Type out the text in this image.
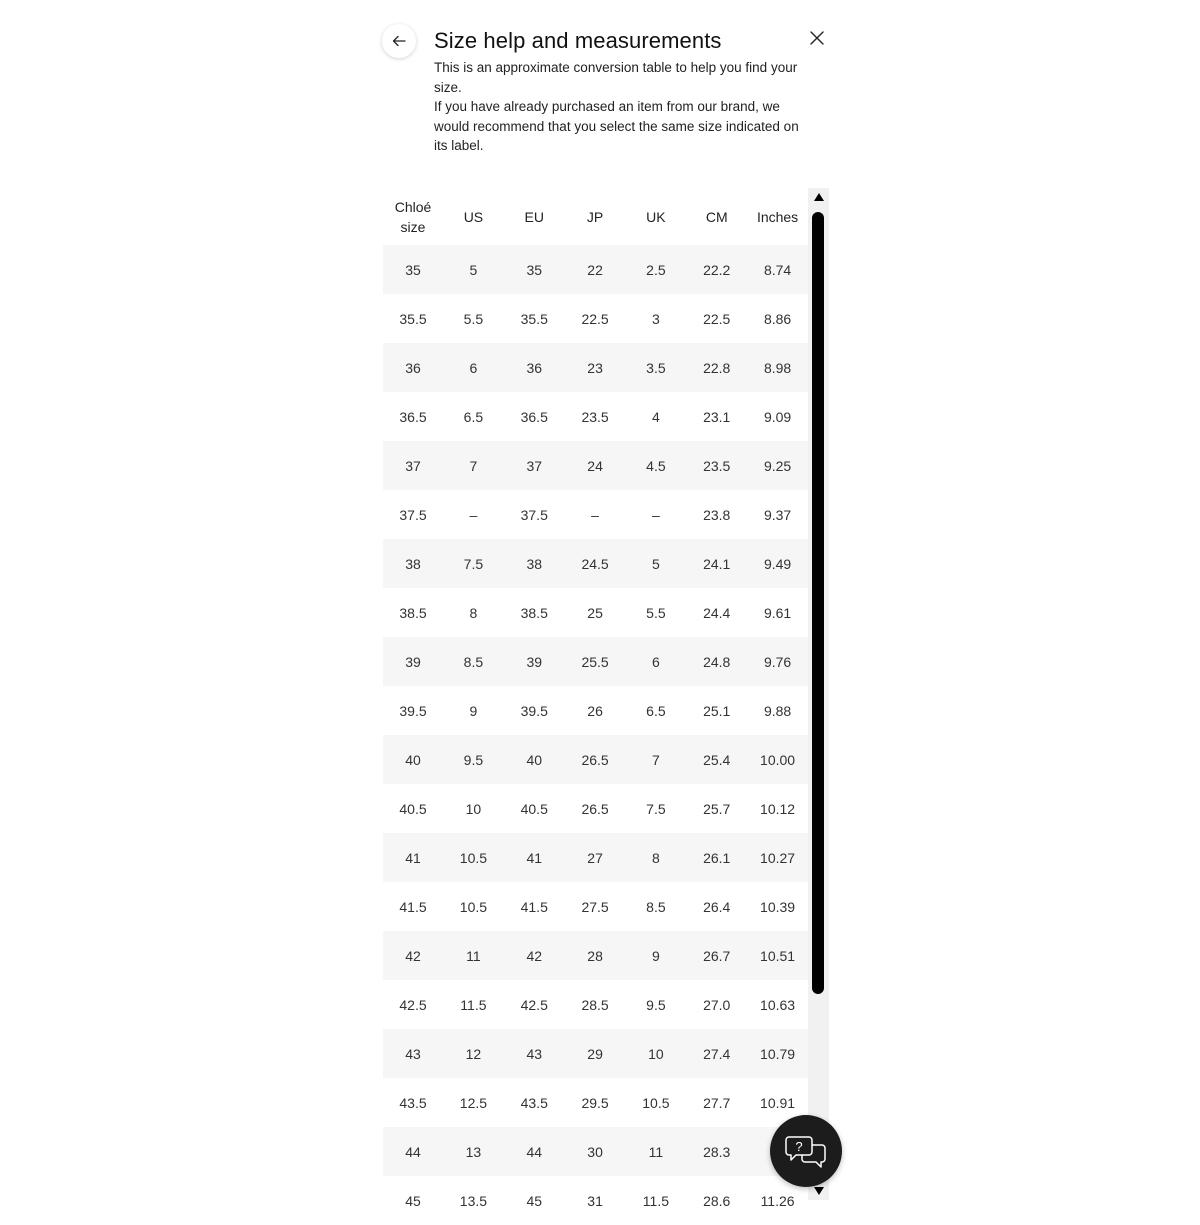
Size help and measurements

This is an approximate conversion table to help you find your size.

If you have already purchased an item from our brand, we would recommend that you select the same size indicated on its label.

Chloé size	US	EU	JP	UK	CM	Inches
35	5	35	22	2.5	22.2	8.74
35.5	5.5	35.5	22.5	3	22.5	8.86
36	6	36	23	3.5	22.8	8.98
36.5	6.5	36.5	23.5	4	23.1	9.09
37	7	37	24	4.5	23.5	9.25
37.5	–	37.5	–	–	23.8	9.37
38	7.5	38	24.5	5	24.1	9.49
38.5	8	38.5	25	5.5	24.4	9.61
39	8.5	39	25.5	6	24.8	9.76
39.5	9	39.5	26	6.5	25.1	9.88
40	9.5	40	26.5	7	25.4	10.00
40.5	10	40.5	26.5	7.5	25.7	10.12
41	10.5	41	27	8	26.1	10.27
41.5	10.5	41.5	27.5	8.5	26.4	10.39
42	11	42	28	9	26.7	10.51
42.5	11.5	42.5	28.5	9.5	27.0	10.63
43	12	43	29	10	27.4	10.79
43.5	12.5	43.5	29.5	10.5	27.7	10.91
44	13	44	30	11	28.3	
45	13.5	45	31	11.5	28.6	11.26
?
